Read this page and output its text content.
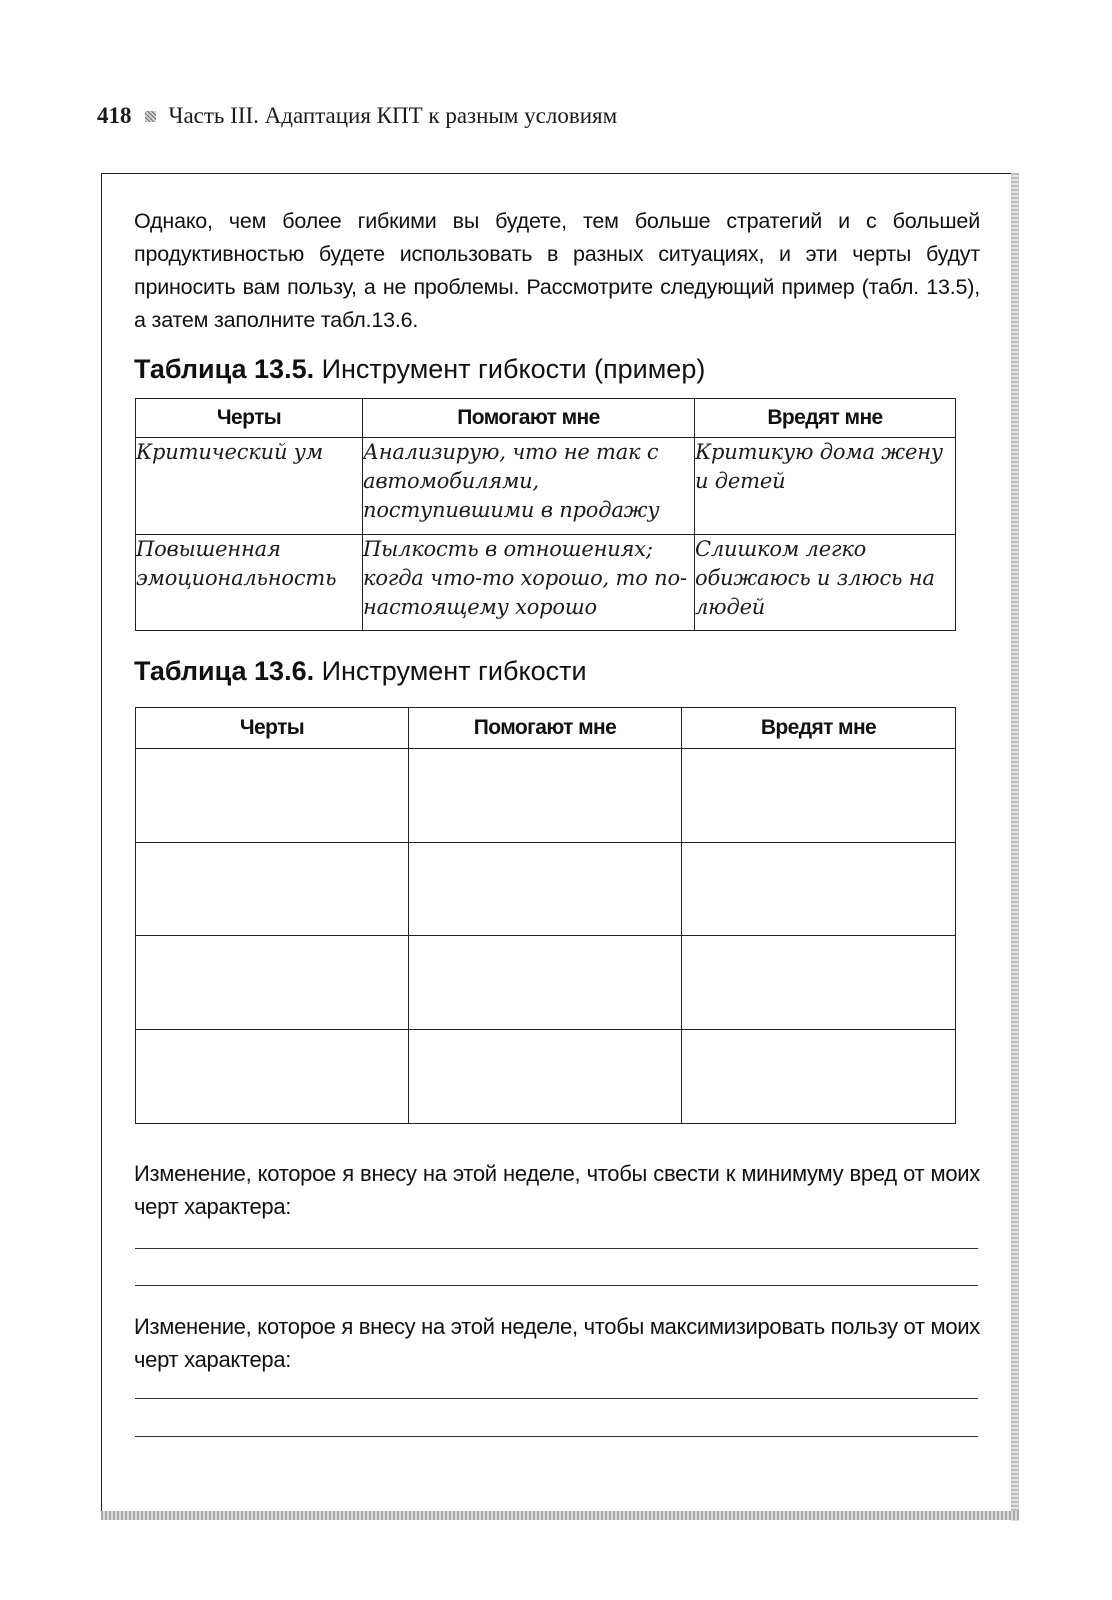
418 Часть III. Адаптация КПТ к разным условиям

Однако, чем более гибкими вы будете, тем больше стратегий и с большей продуктивностью будете использовать в разных ситуациях, и эти черты будут приносить вам пользу, а не проблемы. Рассмотрите следующий пример (табл. 13.5), а затем заполните табл.13.6.

Таблица 13.5. Инструмент гибкости (пример)
Черты	Помогают мне	Вредят мне
Критический ум	Анализирую, что не так с автомобилями, поступившими в продажу	Критикую дома жену и детей
Повышенная эмоциональность	Пылкость в отношениях; когда что-то хорошо, то по-настоящему хорошо	Слишком легко обижаюсь и злюсь на людей
Таблица 13.6. Инструмент гибкости
Черты	Помогают мне	Вредят мне

Изменение, которое я внесу на этой неделе, чтобы свести к минимуму вред от моих черт характера:

Изменение, которое я внесу на этой неделе, чтобы максимизировать пользу от моих черт характера:
